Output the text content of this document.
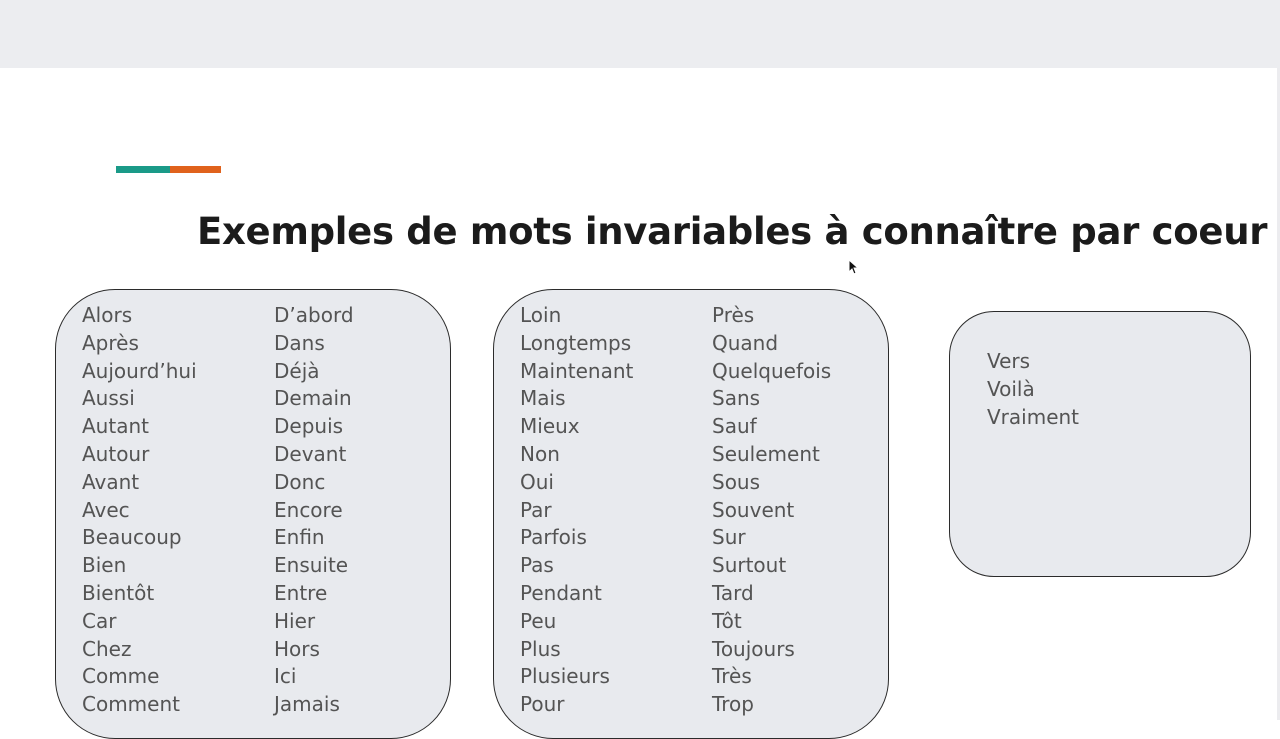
Exemples de mots invariables à connaître par coeur
Alors
Après
Aujourd’hui
Aussi
Autant
Autour
Avant
Avec
Beaucoup
Bien
Bientôt
Car
Chez
Comme
Comment
D’abord
Dans
Déjà
Demain
Depuis
Devant
Donc
Encore
Enfin
Ensuite
Entre
Hier
Hors
Ici
Jamais
Loin
Longtemps
Maintenant
Mais
Mieux
Non
Oui
Par
Parfois
Pas
Pendant
Peu
Plus
Plusieurs
Pour
Près
Quand
Quelquefois
Sans
Sauf
Seulement
Sous
Souvent
Sur
Surtout
Tard
Tôt
Toujours
Très
Trop
Vers
Voilà
Vraiment
